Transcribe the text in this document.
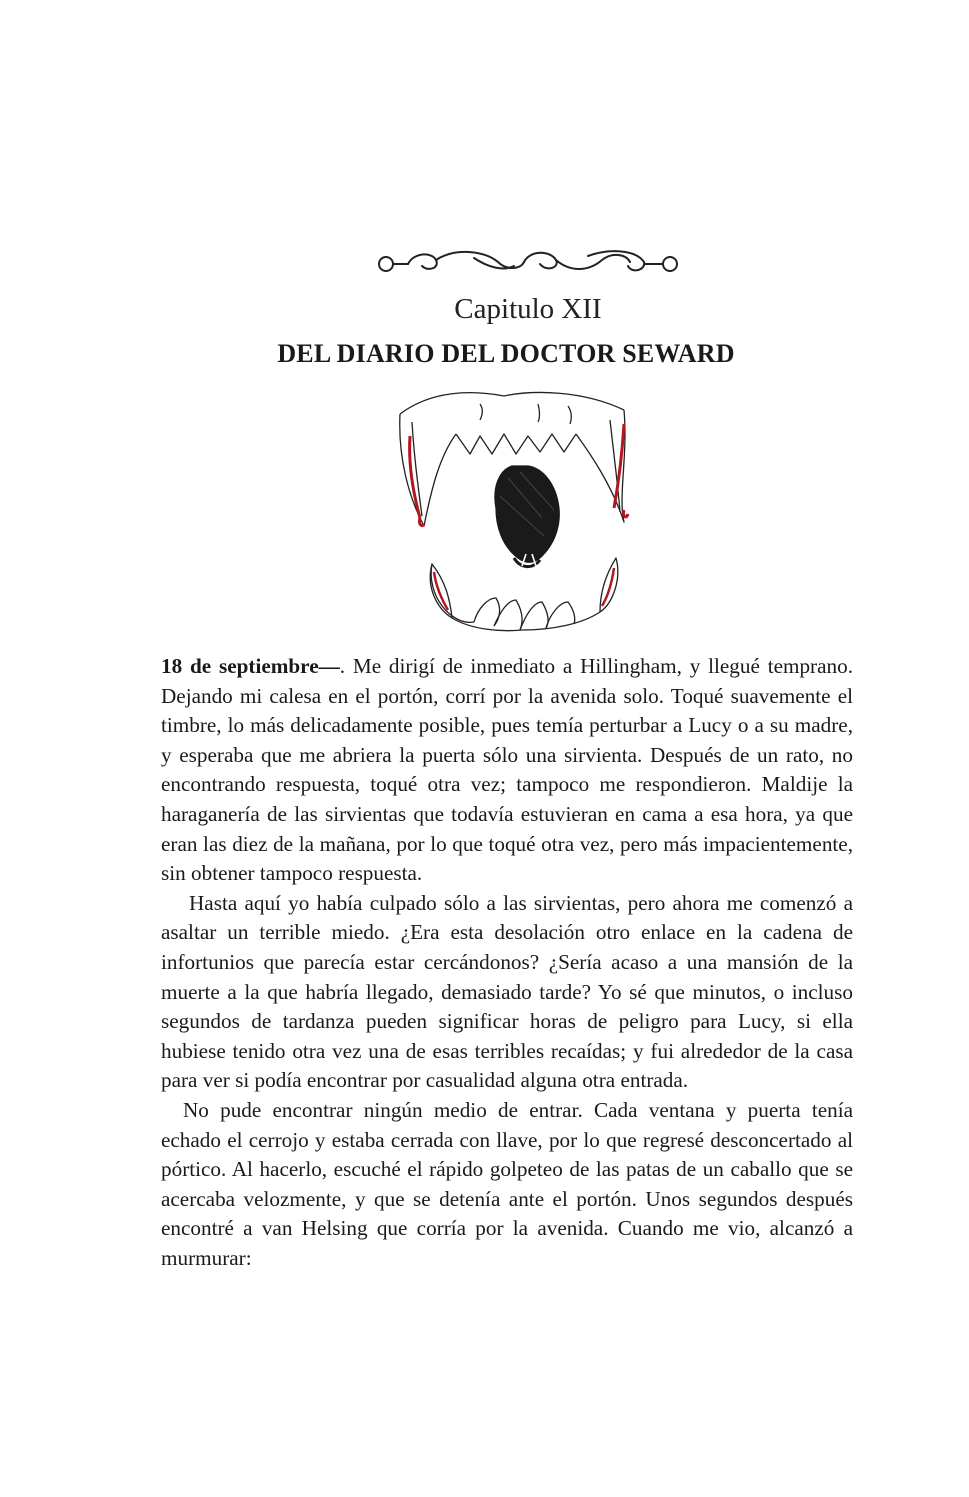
Capitulo XII
DEL DIARIO DEL DOCTOR SEWARD

18 de septiembre—. Me dirigí de inmediato a Hillingham, y llegué temprano. Dejando mi calesa en el portón, corrí por la avenida solo. Toqué suavemente el timbre, lo más delicadamente posible, pues temía perturbar a Lucy o a su madre, y esperaba que me abriera la puerta sólo una sirvienta. Después de un rato, no encontrando respuesta, toqué otra vez; tampoco me respondieron. Maldije la haraganería de las sirvientas que todavía estuvieran en cama a esa hora, ya que eran las diez de la mañana, por lo que toqué otra vez, pero más impacientemente, sin obtener tampoco respuesta.

Hasta aquí yo había culpado sólo a las sirvientas, pero ahora me comenzó a asaltar un terrible miedo. ¿Era esta desolación otro enlace en la cadena de infortunios que parecía estar cercándonos? ¿Sería acaso a una mansión de la muerte a la que habría llegado, demasiado tarde? Yo sé que minutos, o incluso segundos de tardanza pueden significar horas de peligro para Lucy, si ella hubiese tenido otra vez una de esas terribles recaídas; y fui alrededor de la casa para ver si podía encontrar por casualidad alguna otra entrada.

No pude encontrar ningún medio de entrar. Cada ventana y puerta tenía echado el cerrojo y estaba cerrada con llave, por lo que regresé desconcertado al pórtico. Al hacerlo, escuché el rápido golpeteo de las patas de un caballo que se acercaba velozmente, y que se detenía ante el portón. Unos segundos después encontré a van Helsing que corría por la avenida. Cuando me vio, alcanzó a murmurar:
